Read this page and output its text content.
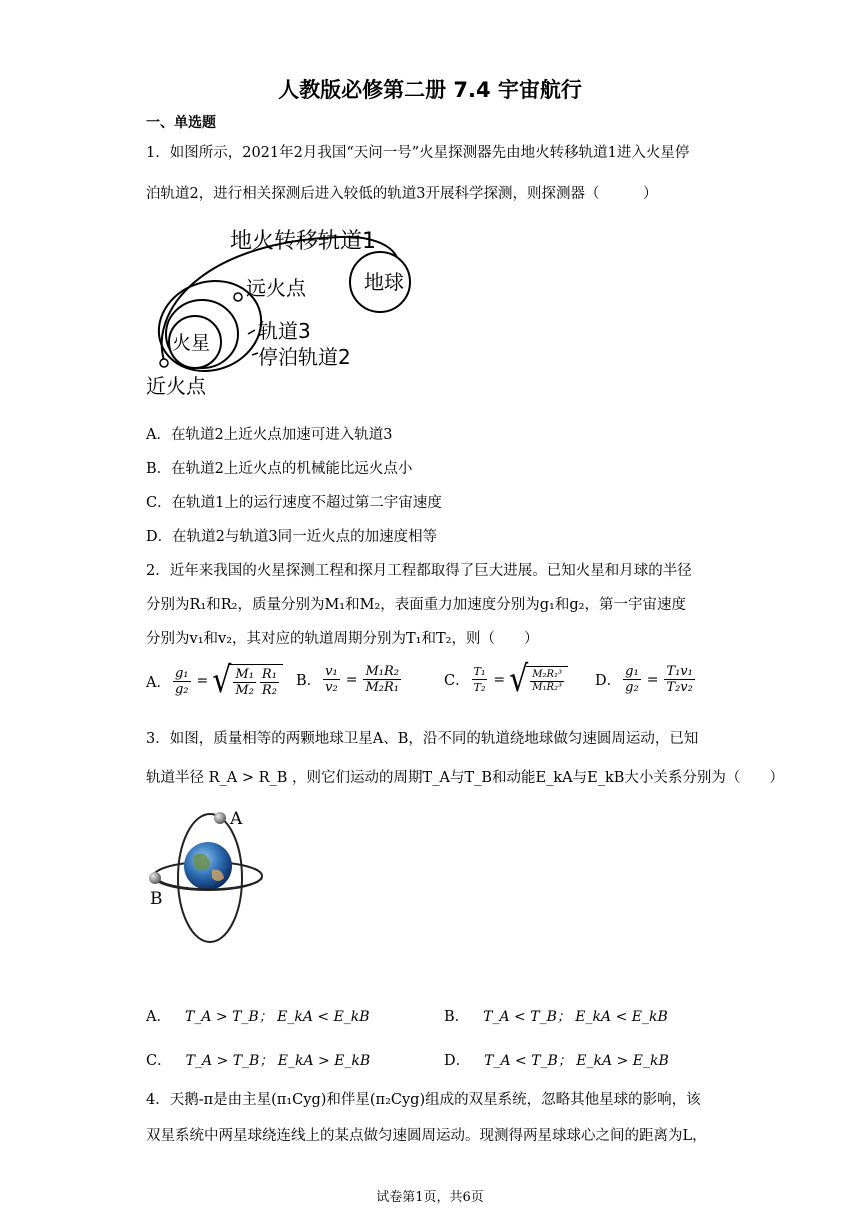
人教版必修第二册 7.4 宇宙航行
一、单选题
1．如图所示，2021年2月我国“天问一号”火星探测器先由地火转移轨道1进入火星停
泊轨道2，进行相关探测后进入较低的轨道3开展科学探测，则探测器（　　　）
地火转移轨道1
地球
远火点
火星 轨道3
停泊轨道2
近火点
A．在轨道2上近火点加速可进入轨道3
B．在轨道2上近火点的机械能比远火点小
C．在轨道1上的运行速度不超过第二宇宙速度
D．在轨道2与轨道3同一近火点的加速度相等
2．近年来我国的火星探测工程和探月工程都取得了巨大进展。已知火星和月球的半径
分别为R₁和R₂，质量分别为M₁和M₂，表面重力加速度分别为g₁和g₂，第一宇宙速度
分别为v₁和v₂，其对应的轨道周期分别为T₁和T₂，则（　　）
A． $\frac{\text{g₁}}{\text{g₂}}$ = √ $\frac{\text{M₁}}{\text{M₂}} \frac{\text{R₁}}{\text{R₂}}$ B． $\frac{\text{v₁}}{\text{v₂}} = \frac{\text{M₁R₂}}{\text{M₂R₁}}$	C． $\frac{\text{T₁}}{\text{T₂}}$ = √ $\frac{\text{M₂R₁³}}{\text{M₁R₂³}}$ D． $\frac{\text{g₁}}{\text{g₂}} = \frac{\text{T₁v₁}}{\text{T₂v₂}}$
3．如图，质量相等的两颗地球卫星A、B，沿不同的轨道绕地球做匀速圆周运动，已知
轨道半径 R_A > R_B ，则它们运动的周期T_A与T_B和动能E_kA与E_kB大小关系分别为（　　）
A
B
A． T_A > T_B； E_kA < E_kB	B． T_A < T_B； E_kA < E_kB
C． T_A > T_B； E_kA > E_kB	D． T_A < T_B； E_kA > E_kB
4．天鹅-π是由主星(π₁Cyg)和伴星(π₂Cyg)组成的双星系统，忽略其他星球的影响，该
双星系统中两星球绕连线上的某点做匀速圆周运动。现测得两星球球心之间的距离为L，
试卷第1页，共6页
